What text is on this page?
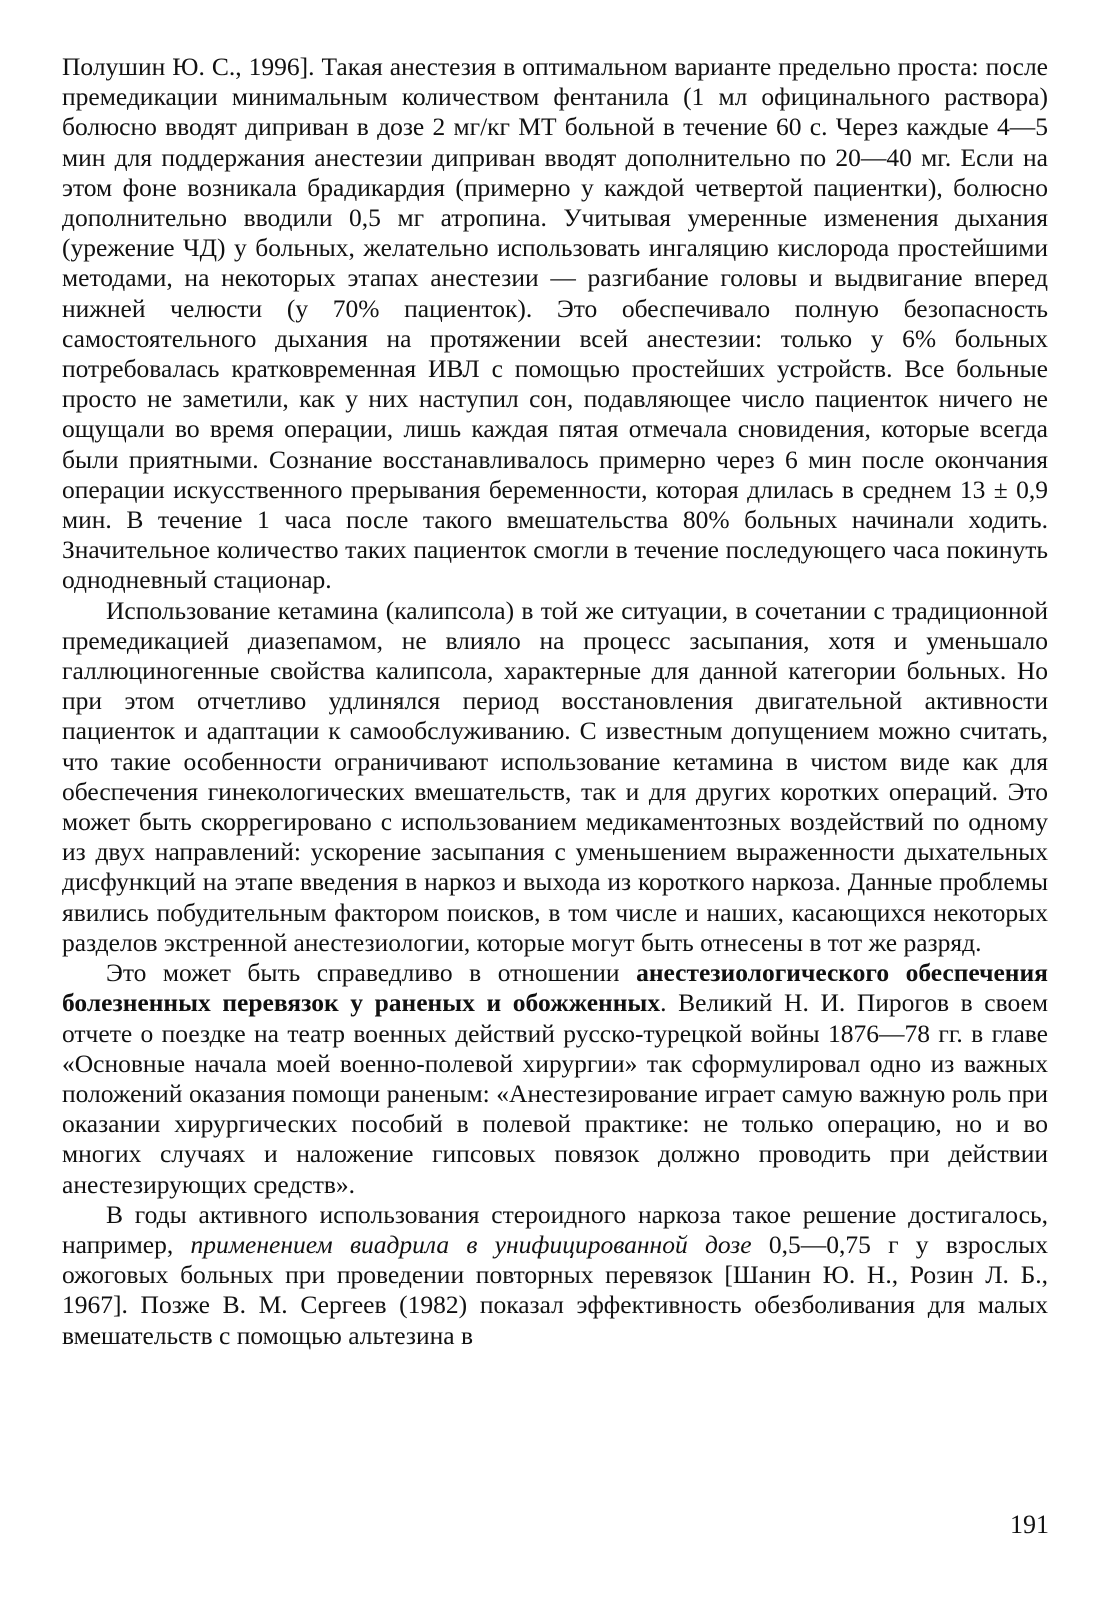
Полушин Ю. С., 1996]. Такая анестезия в оптимальном варианте предельно проста: после премедикации минимальным количеством фентанила (1 мл официнального раствора) болюсно вводят диприван в дозе 2 мг/кг МТ больной в течение 60 с. Через каждые 4—5 мин для поддержания анестезии диприван вводят дополнительно по 20—40 мг. Если на этом фоне возникала брадикардия (примерно у каждой четвертой пациентки), болюсно дополнительно вводили 0,5 мг атропина. Учитывая умеренные изменения дыхания (урежение ЧД) у больных, желательно использовать ингаляцию кислорода простейшими методами, на некоторых этапах анестезии — разгибание головы и выдвигание вперед нижней челюсти (у 70% пациенток). Это обеспечивало полную безопасность самостоятельного дыхания на протяжении всей анестезии: только у 6% больных потребовалась кратковременная ИВЛ с помощью простейших устройств. Все больные просто не заметили, как у них наступил сон, подавляющее число пациенток ничего не ощущали во время операции, лишь каждая пятая отмечала сновидения, которые всегда были приятными. Сознание восстанавливалось примерно через 6 мин после окончания операции искусственного прерывания беременности, которая длилась в среднем 13 ± 0,9 мин. В течение 1 часа после такого вмешательства 80% больных начинали ходить. Значительное количество таких пациенток смогли в течение последующего часа покинуть однодневный стационар.

Использование кетамина (калипсола) в той же ситуации, в сочетании с традиционной премедикацией диазепамом, не влияло на процесс засыпания, хотя и уменьшало галлюциногенные свойства калипсола, характерные для данной категории больных. Но при этом отчетливо удлинялся период восстановления двигательной активности пациенток и адаптации к самообслуживанию. С известным допущением можно считать, что такие особенности ограничивают использование кетамина в чистом виде как для обеспечения гинекологических вмешательств, так и для других коротких операций. Это может быть скоррегировано с использованием медикаментозных воздействий по одному из двух направлений: ускорение засыпания с уменьшением выраженности дыхательных дисфункций на этапе введения в наркоз и выхода из короткого наркоза. Данные проблемы явились побудительным фактором поисков, в том числе и наших, касающихся некоторых разделов экстренной анестезиологии, которые могут быть отнесены в тот же разряд.

Это может быть справедливо в отношении анестезиологического обеспечения болезненных перевязок у раненых и обожженных. Великий Н. И. Пирогов в своем отчете о поездке на театр военных действий русско-турецкой войны 1876—78 гг. в главе «Основные начала моей военно-полевой хирургии» так сформулировал одно из важных положений оказания помощи раненым: «Анестезирование играет самую важную роль при оказании хирургических пособий в полевой практике: не только операцию, но и во многих случаях и наложение гипсовых повязок должно проводить при действии анестезирующих средств».

В годы активного использования стероидного наркоза такое решение достигалось, например, применением виадрила в унифицированной дозе 0,5—0,75 г у взрослых ожоговых больных при проведении повторных перевязок [Шанин Ю. Н., Розин Л. Б., 1967]. Позже В. М. Сергеев (1982) показал эффективность обезболивания для малых вмешательств с помощью альтезина в

191
